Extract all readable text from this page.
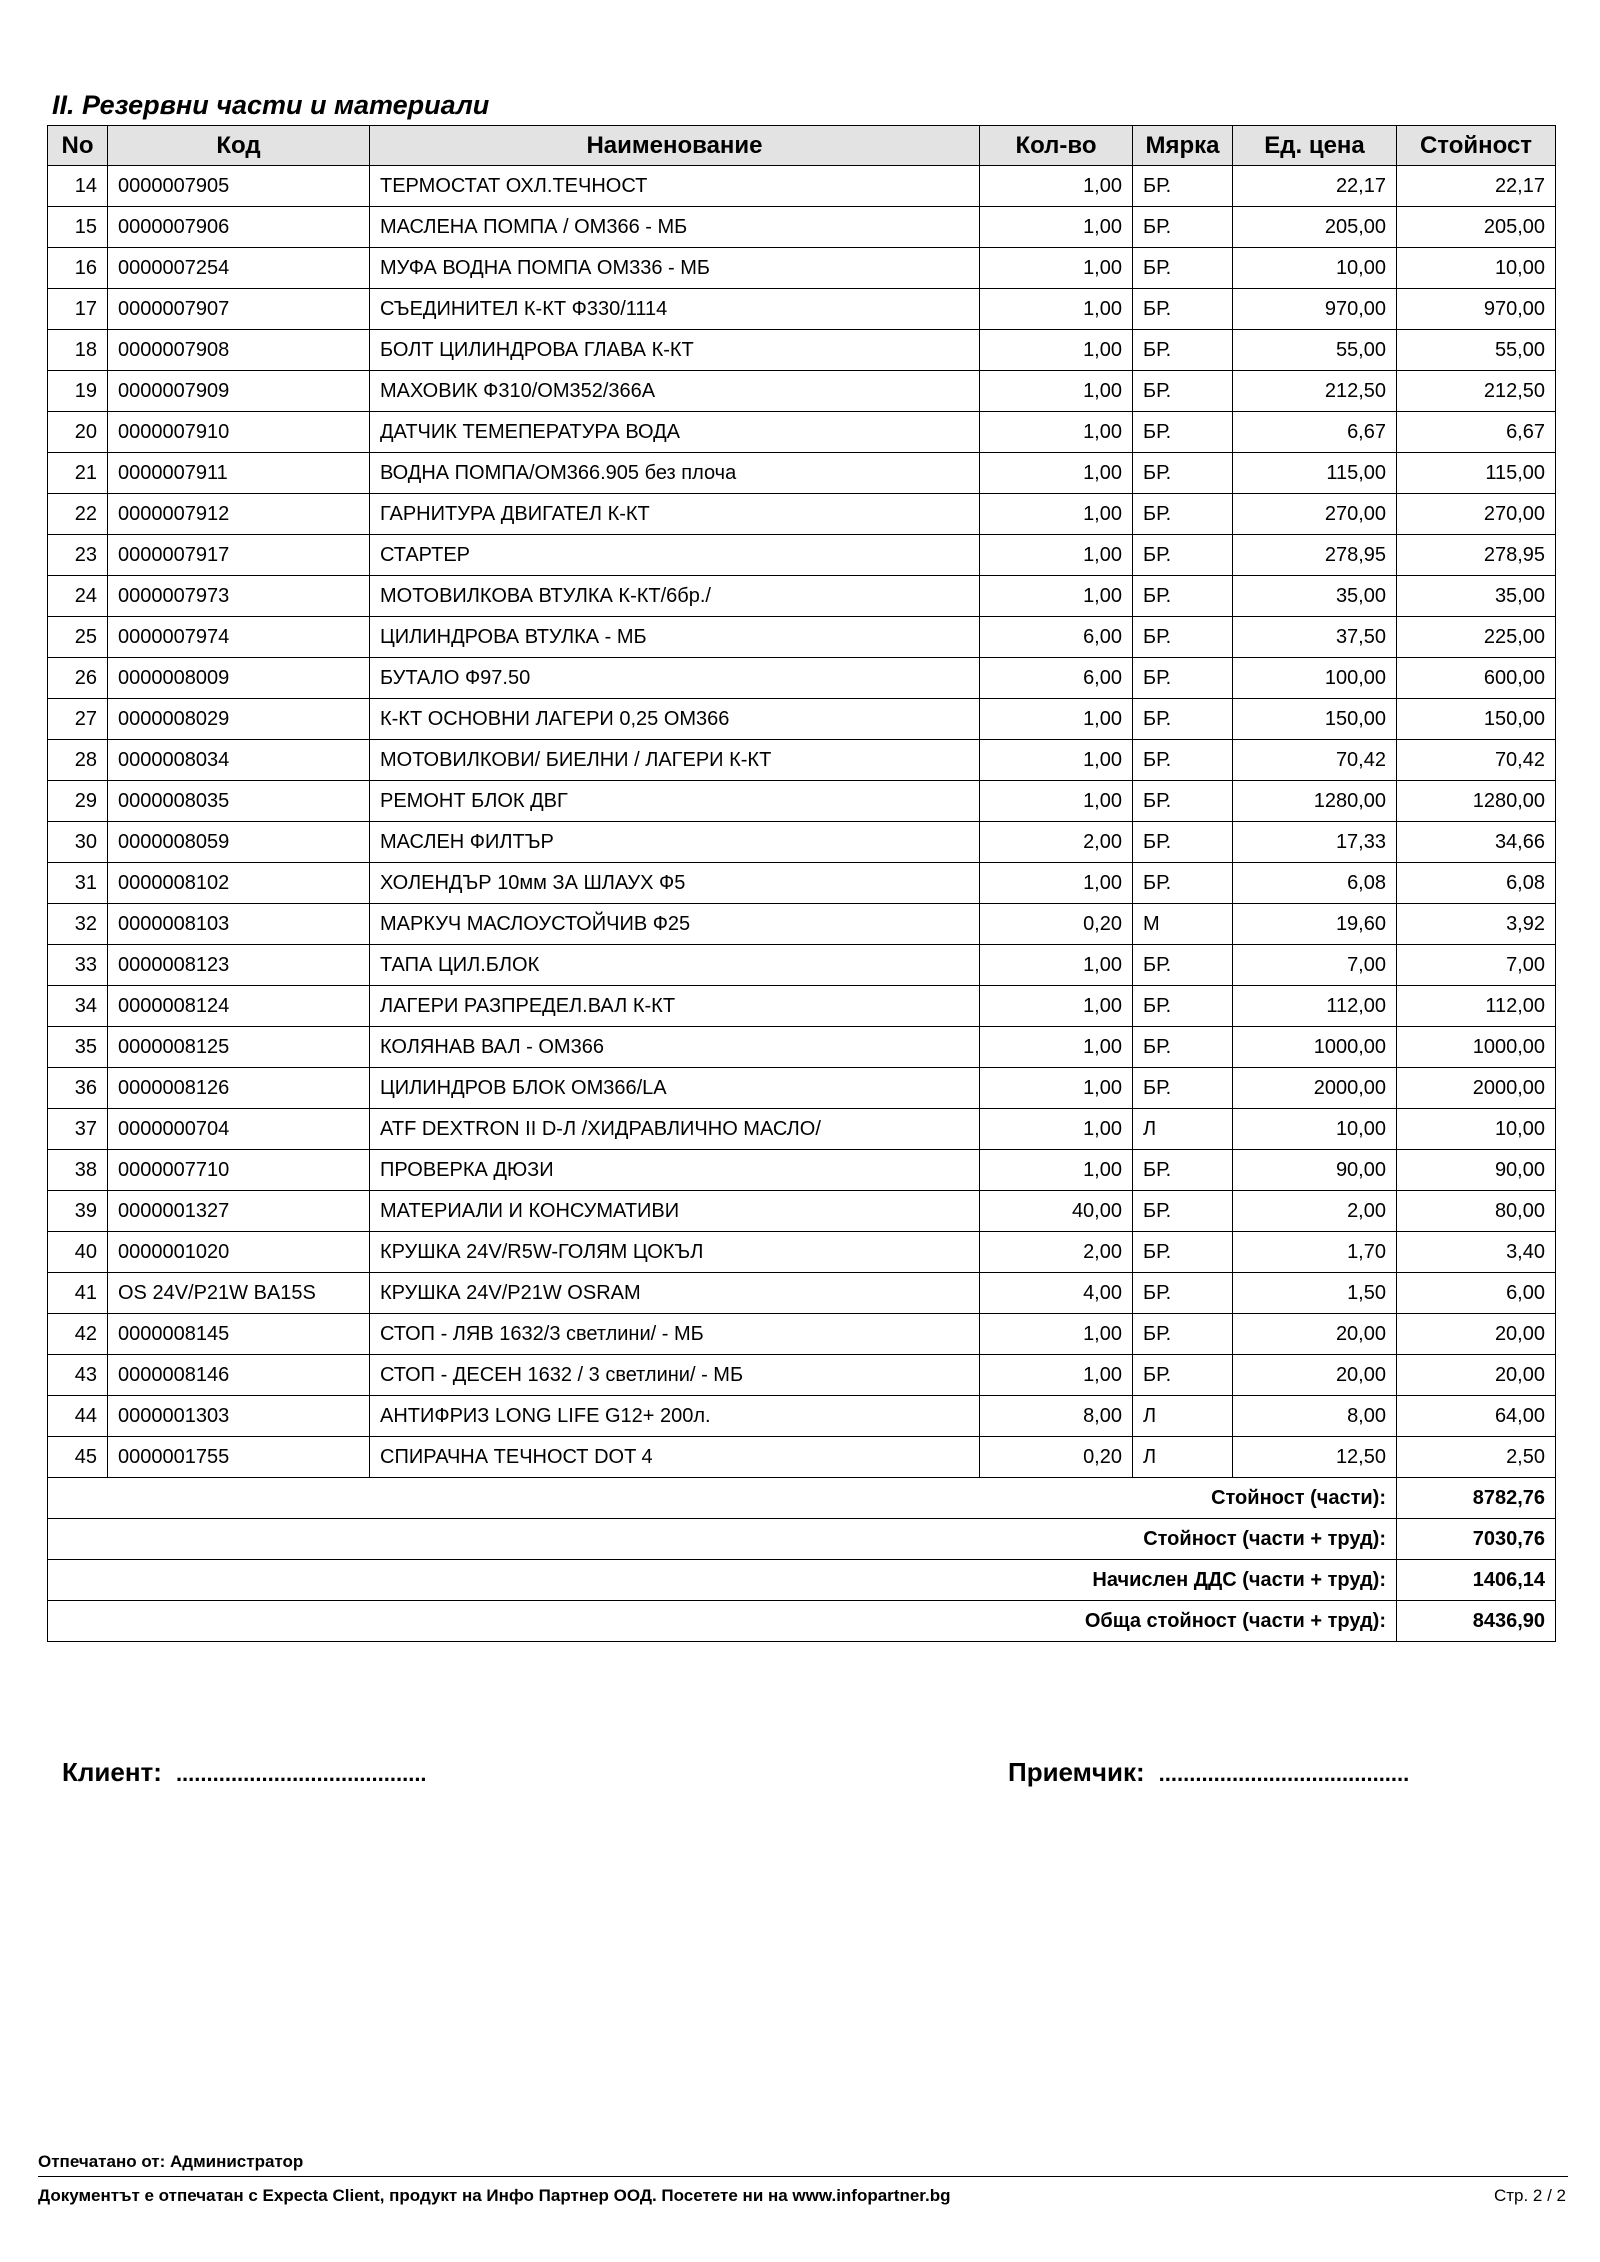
II. Резервни части и материали
No	Код	Наименование	Кол-во	Мярка	Ед. цена	Стойност
14	0000007905	ТЕРМОСТАТ ОХЛ.ТЕЧНОСТ	1,00	БР.	22,17	22,17
15	0000007906	МАСЛЕНА ПОМПА / ОМ366 - МБ	1,00	БР.	205,00	205,00
16	0000007254	МУФА ВОДНА ПОМПА ОМ336 - МБ	1,00	БР.	10,00	10,00
17	0000007907	СЪЕДИНИТЕЛ К-КТ Ф330/1114	1,00	БР.	970,00	970,00
18	0000007908	БОЛТ ЦИЛИНДРОВА ГЛАВА К-КТ	1,00	БР.	55,00	55,00
19	0000007909	МАХОВИК Ф310/ОМ352/366А	1,00	БР.	212,50	212,50
20	0000007910	ДАТЧИК ТЕМЕПЕРАТУРА ВОДА	1,00	БР.	6,67	6,67
21	0000007911	ВОДНА ПОМПА/ОМ366.905 без плоча	1,00	БР.	115,00	115,00
22	0000007912	ГАРНИТУРА ДВИГАТЕЛ К-КТ	1,00	БР.	270,00	270,00
23	0000007917	СТАРТЕР	1,00	БР.	278,95	278,95
24	0000007973	МОТОВИЛКОВА ВТУЛКА К-КТ/6бр./	1,00	БР.	35,00	35,00
25	0000007974	ЦИЛИНДРОВА ВТУЛКА - МБ	6,00	БР.	37,50	225,00
26	0000008009	БУТАЛО Ф97.50	6,00	БР.	100,00	600,00
27	0000008029	К-КТ ОСНОВНИ ЛАГЕРИ 0,25 ОМ366	1,00	БР.	150,00	150,00
28	0000008034	МОТОВИЛКОВИ/ БИЕЛНИ / ЛАГЕРИ К-КТ	1,00	БР.	70,42	70,42
29	0000008035	РЕМОНТ БЛОК ДВГ	1,00	БР.	1280,00	1280,00
30	0000008059	МАСЛЕН ФИЛТЪР	2,00	БР.	17,33	34,66
31	0000008102	ХОЛЕНДЪР 10мм ЗА ШЛАУХ Ф5	1,00	БР.	6,08	6,08
32	0000008103	МАРКУЧ МАСЛОУСТОЙЧИВ Ф25	0,20	М	19,60	3,92
33	0000008123	ТАПА ЦИЛ.БЛОК	1,00	БР.	7,00	7,00
34	0000008124	ЛАГЕРИ РАЗПРЕДЕЛ.ВАЛ К-КТ	1,00	БР.	112,00	112,00
35	0000008125	КОЛЯНАВ ВАЛ - ОМ366	1,00	БР.	1000,00	1000,00
36	0000008126	ЦИЛИНДРОВ БЛОК ОМ366/LA	1,00	БР.	2000,00	2000,00
37	0000000704	ATF DEXTRON II D-Л /ХИДРАВЛИЧНО МАСЛО/	1,00	Л	10,00	10,00
38	0000007710	ПРОВЕРКА ДЮЗИ	1,00	БР.	90,00	90,00
39	0000001327	МАТЕРИАЛИ И КОНСУМАТИВИ	40,00	БР.	2,00	80,00
40	0000001020	КРУШКА 24V/R5W-ГОЛЯМ ЦОКЪЛ	2,00	БР.	1,70	3,40
41	OS 24V/P21W BA15S	КРУШКА 24V/P21W OSRAM	4,00	БР.	1,50	6,00
42	0000008145	СТОП - ЛЯВ 1632/3 светлини/ - МБ	1,00	БР.	20,00	20,00
43	0000008146	СТОП - ДЕСЕН 1632 / 3 светлини/ - МБ	1,00	БР.	20,00	20,00
44	0000001303	АНТИФРИЗ LONG LIFE G12+ 200л.	8,00	Л	8,00	64,00
45	0000001755	СПИРАЧНА ТЕЧНОСТ DOT 4	0,20	Л	12,50	2,50
Стойност (части):						8782,76
Стойност (части + труд):						7030,76
Начислен ДДС (части + труд):						1406,14
Обща стойност (части + труд):						8436,90
Клиент: .........................................	Приемчик: .........................................
Отпечатано от: Администратор
Документът е отпечатан с Expecta Client, продукт на Инфо Партнер ООД. Посетете ни на www.infopartner.bg	Стр. 2 / 2
